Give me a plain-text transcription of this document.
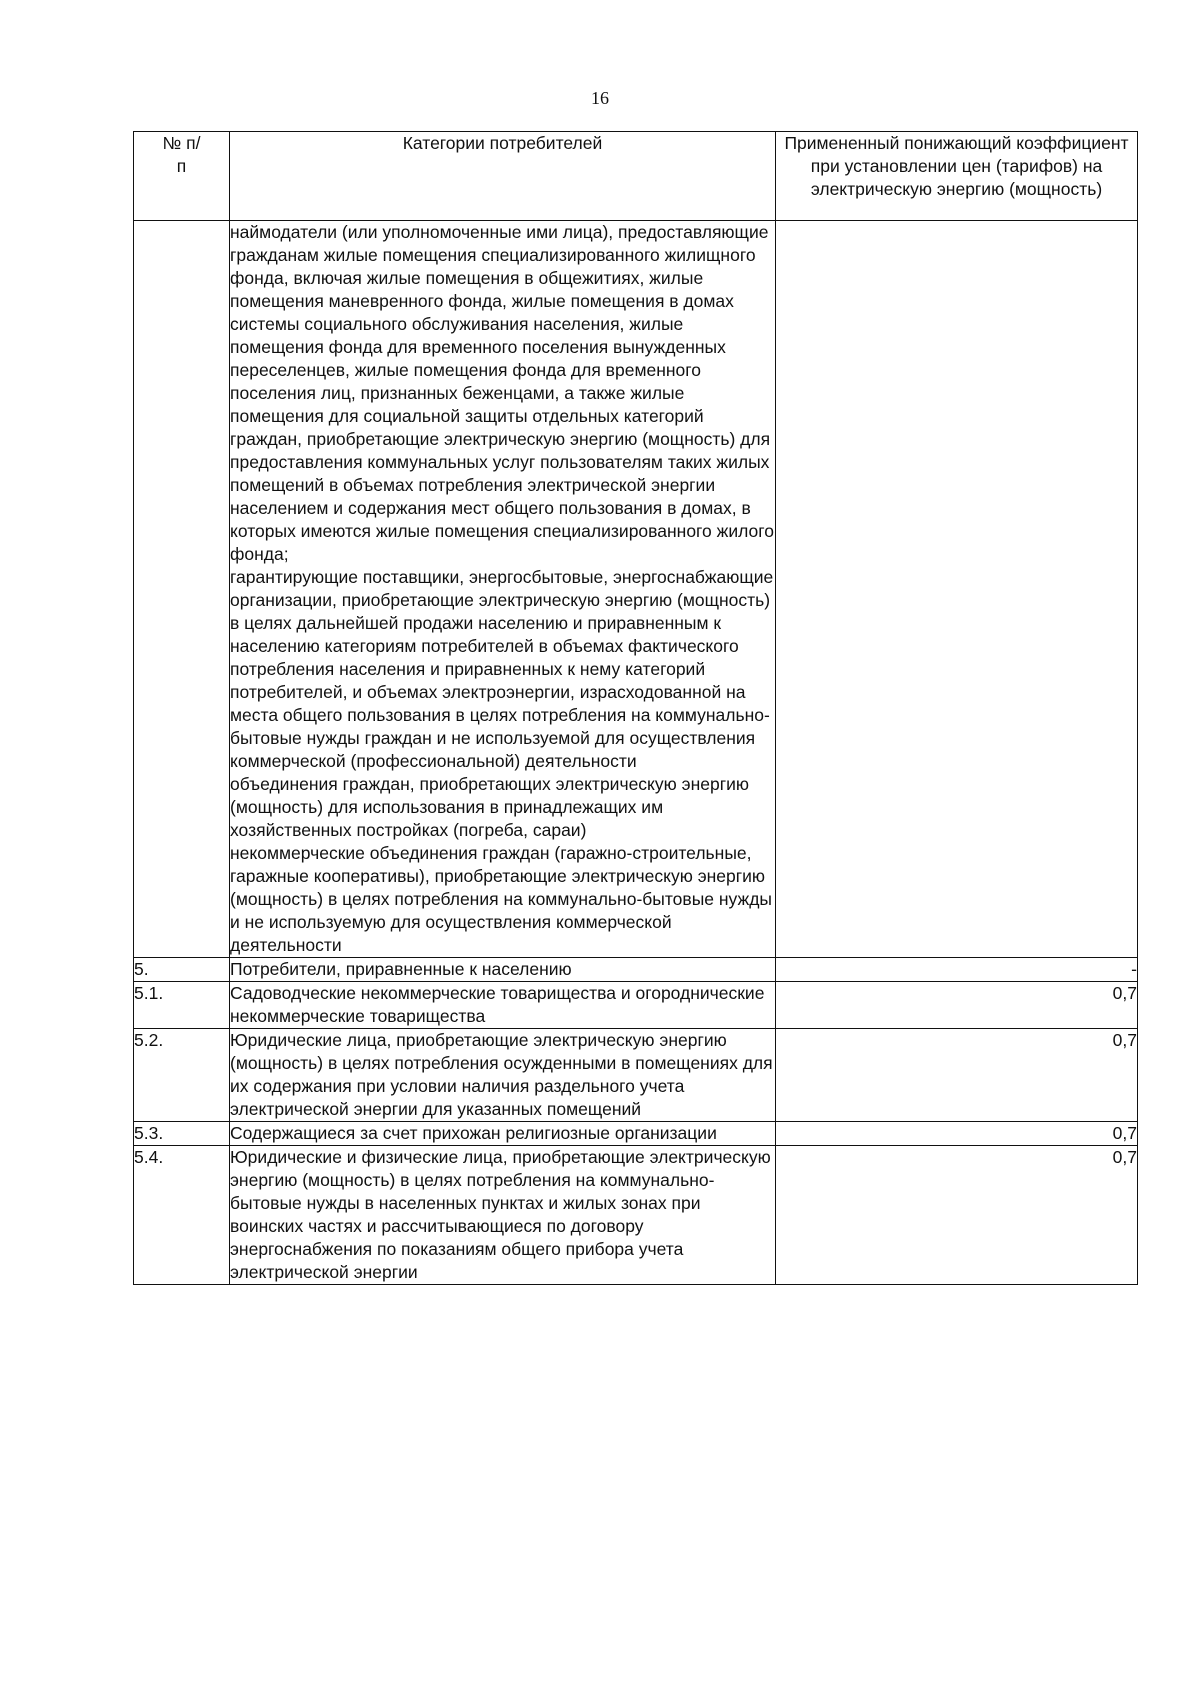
16
№ п/п	Категории потребителей	Примененный понижающий коэффициент при установлении цен (тарифов) на электрическую энергию (мощность)

	наймодатели (или уполномоченные ими лица), предоставляющие гражданам жилые помещения специализированного жилищного фонда, включая жилые помещения в общежитиях, жилые помещения маневренного фонда, жилые помещения в домах системы социального обслуживания населения, жилые помещения фонда для временного поселения вынужденных переселенцев, жилые помещения фонда для временного поселения лиц, признанных беженцами, а также жилые помещения для социальной защиты отдельных категорий граждан, приобретающие электрическую энергию (мощность) для предоставления коммунальных услуг пользователям таких жилых помещений в объемах потребления электрической энергии населением и содержания мест общего пользования в домах, в которых имеются жилые помещения специализированного жилого фонда;
гарантирующие поставщики, энергосбытовые, энергоснабжающие организации, приобретающие электрическую энергию (мощность) в целях дальнейшей продажи населению и приравненным к населению категориям потребителей в объемах фактического потребления населения и приравненных к нему категорий потребителей, и объемах электроэнергии, израсходованной на места общего пользования в целях потребления на коммунально-бытовые нужды граждан и не используемой для осуществления коммерческой (профессиональной) деятельности
объединения граждан, приобретающих электрическую энергию (мощность) для использования в принадлежащих им хозяйственных постройках (погреба, сараи)
некоммерческие объединения граждан (гаражно-строительные, гаражные кооперативы), приобретающие электрическую энергию (мощность) в целях потребления на коммунально-бытовые нужды и не используемую для осуществления коммерческой деятельности	

5.	Потребители, приравненные к населению	-
5.1.	Садоводческие некоммерческие товарищества и огороднические некоммерческие товарищества	0,7
5.2.	Юридические лица, приобретающие электрическую энергию (мощность) в целях потребления осужденными в помещениях для их содержания при условии наличия раздельного учета электрической энергии для указанных помещений	0,7
5.3.	Содержащиеся за счет прихожан религиозные организации	0,7
5.4.	Юридические и физические лица, приобретающие электрическую энергию (мощность) в целях потребления на коммунально-бытовые нужды в населенных пунктах и жилых зонах при воинских частях и рассчитывающиеся по договору энергоснабжения по показаниям общего прибора учета электрической энергии	0,7
